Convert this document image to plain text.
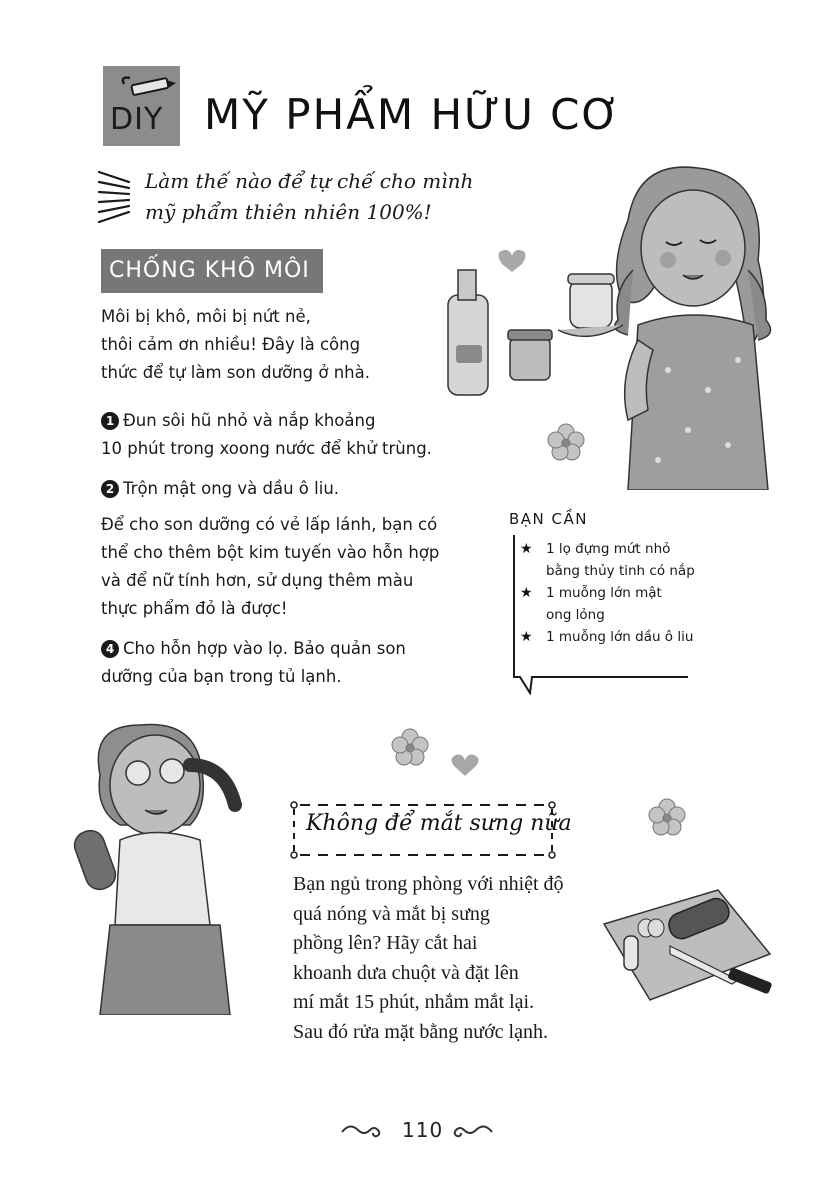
DIY MỸ PHẨM HỮU CƠ
Làm thế nào để tự chế cho mình
mỹ phẩm thiên nhiên 100%!
CHỐNG KHÔ MÔI
Môi bị khô, môi bị nứt nẻ,
thôi cảm ơn nhiều! Đây là công
thức để tự làm son dưỡng ở nhà.
1 Đun sôi hũ nhỏ và nắp khoảng
10 phút trong xoong nước để khử trùng.
2 Trộn mật ong và dầu ô liu.
Để cho son dưỡng có vẻ lấp lánh, bạn có
thể cho thêm bột kim tuyến vào hỗn hợp
và để nữ tính hơn, sử dụng thêm màu
thực phẩm đỏ là được!
4 Cho hỗn hợp vào lọ. Bảo quản son
dưỡng của bạn trong tủ lạnh.
BẠN CẦN
★ 1 lọ đựng mứt nhỏ
bằng thủy tinh có nắp
★ 1 muỗng lớn mật
ong lỏng
★ 1 muỗng lớn dầu ô liu
Không để mắt sưng nữa
Bạn ngủ trong phòng với nhiệt độ
quá nóng và mắt bị sưng
phồng lên? Hãy cắt hai
khoanh dưa chuột và đặt lên
mí mắt 15 phút, nhắm mắt lại.
Sau đó rửa mặt bằng nước lạnh.
110
